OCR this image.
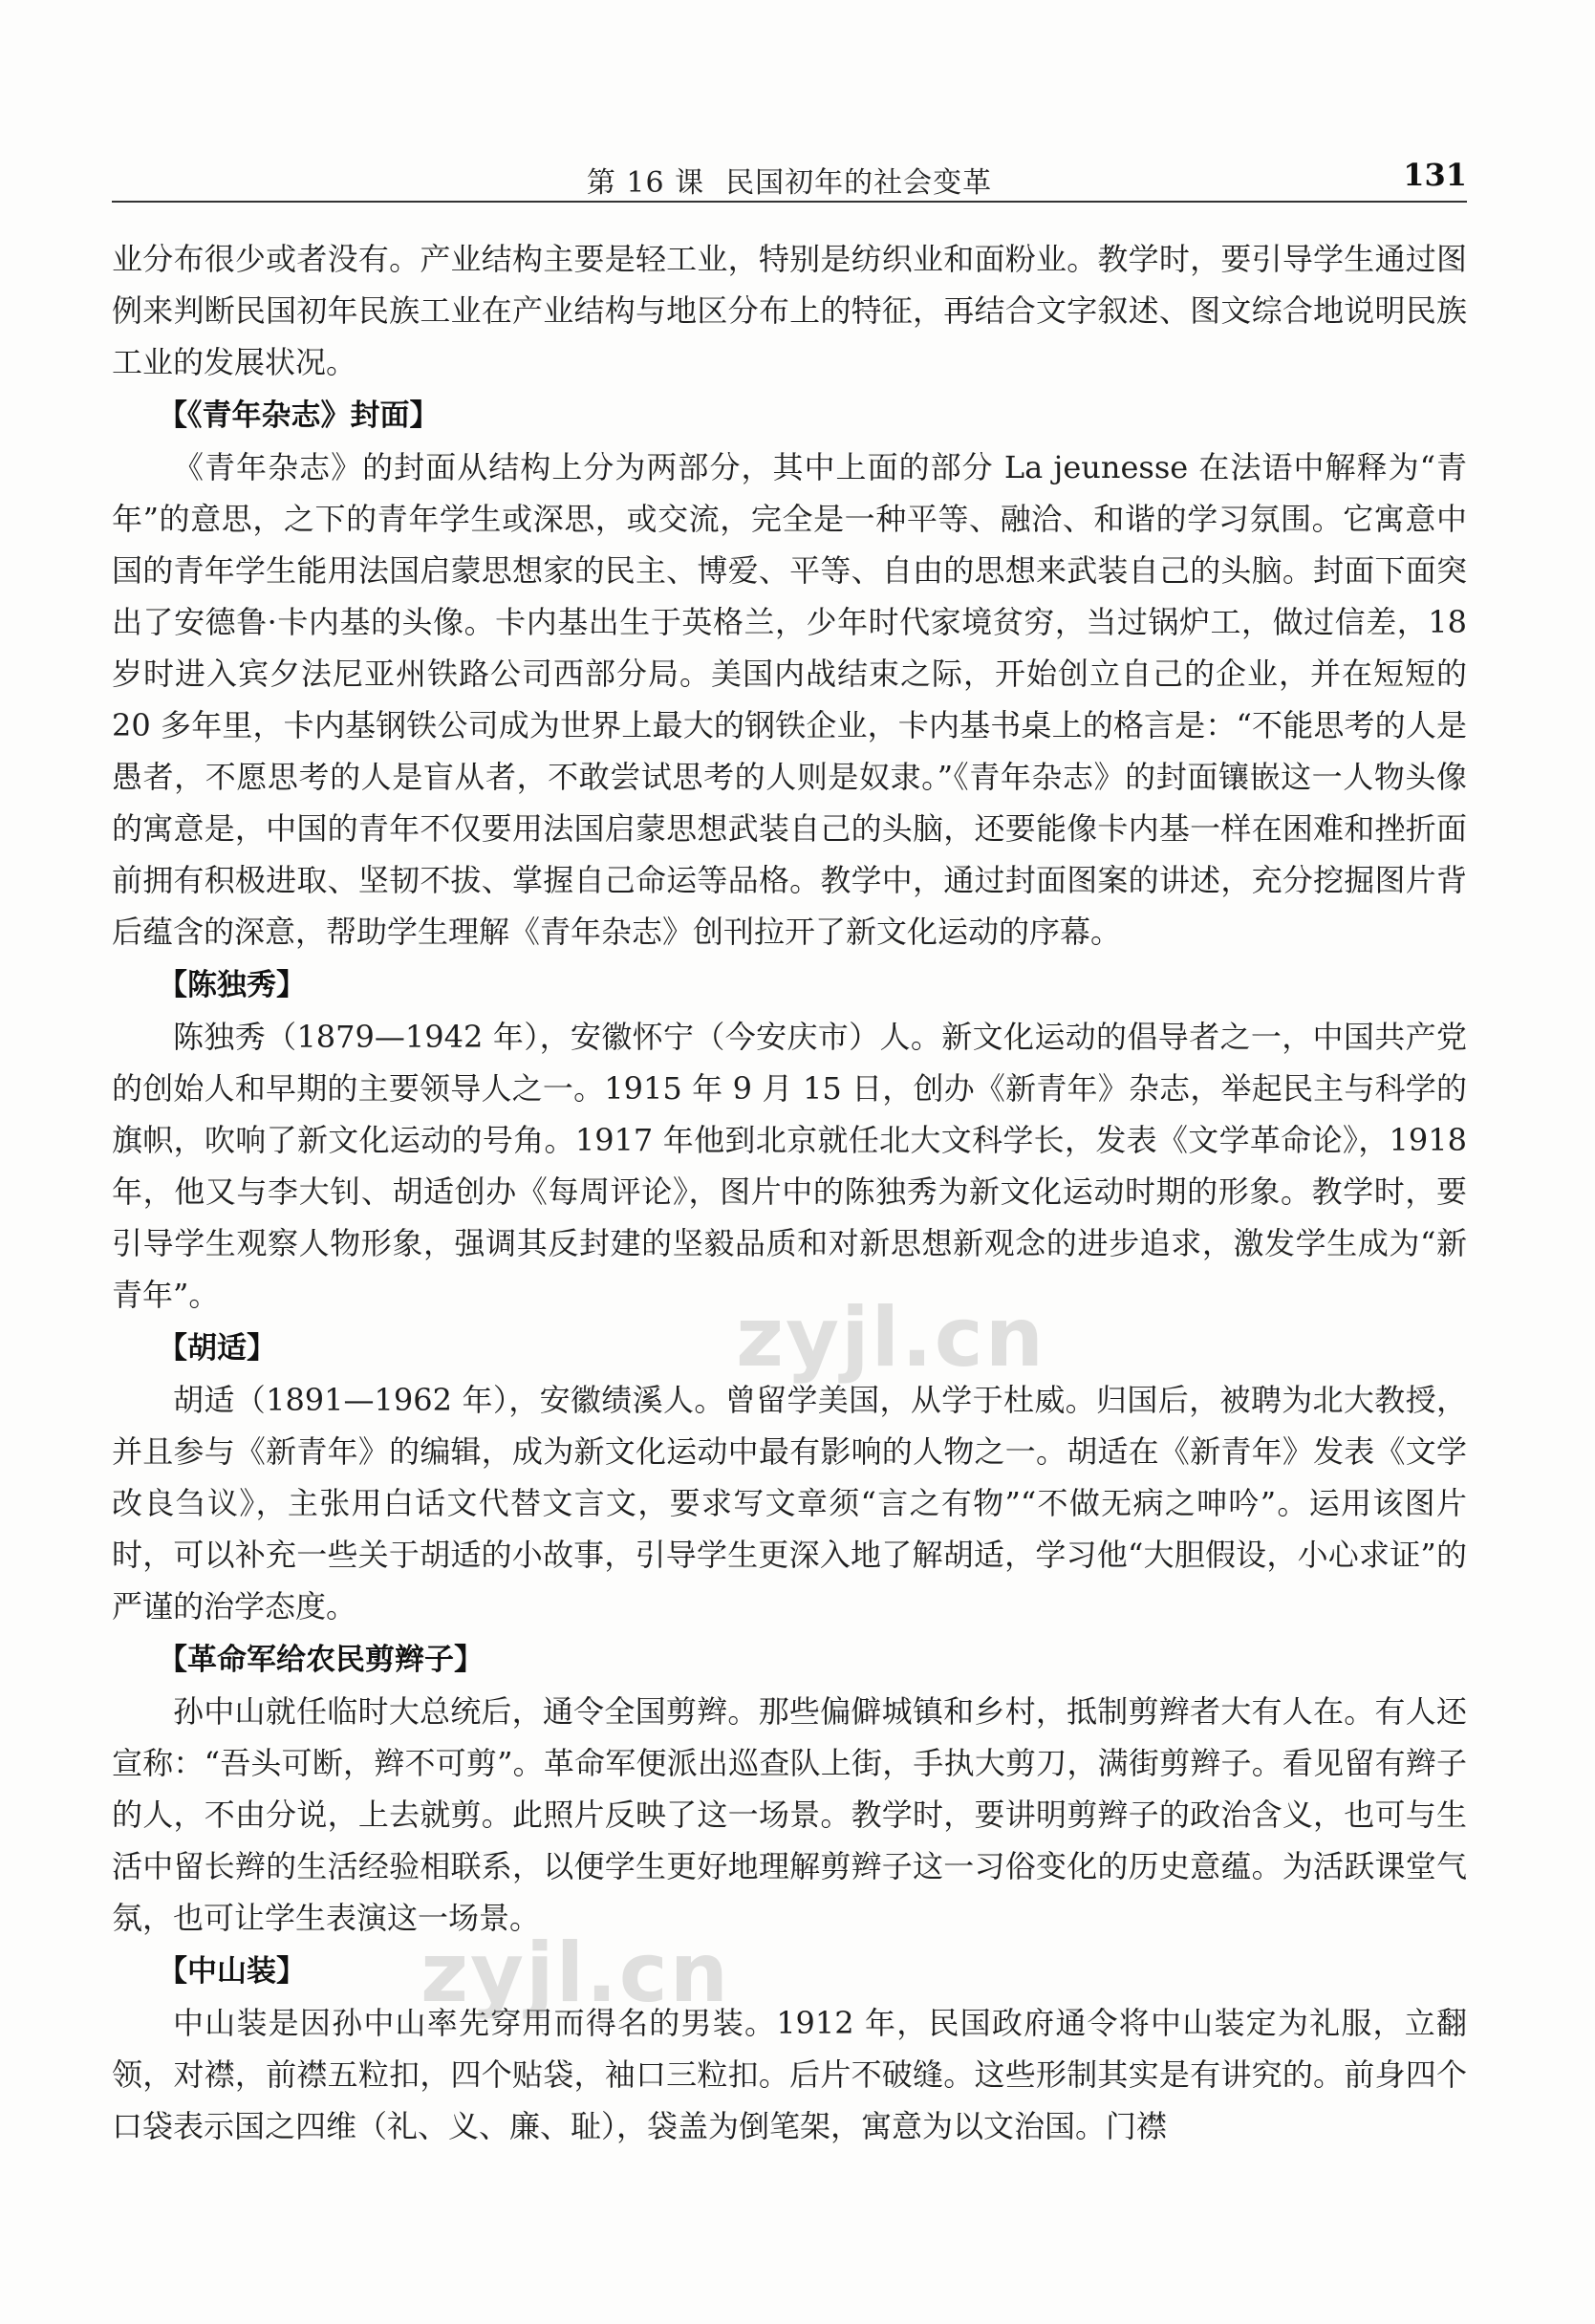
第 16 课 民国初年的社会变革	131

业分布很少或者没有。产业结构主要是轻工业，特别是纺织业和面粉业。教学时，要引导学生通过图例来判断民国初年民族工业在产业结构与地区分布上的特征，再结合文字叙述、图文综合地说明民族工业的发展状况。

【《青年杂志》封面】

《青年杂志》的封面从结构上分为两部分，其中上面的部分 La jeunesse 在法语中解释为“青年”的意思，之下的青年学生或深思，或交流，完全是一种平等、融洽、和谐的学习氛围。它寓意中国的青年学生能用法国启蒙思想家的民主、博爱、平等、自由的思想来武装自己的头脑。封面下面突出了安德鲁·卡内基的头像。卡内基出生于英格兰，少年时代家境贫穷，当过锅炉工，做过信差，18 岁时进入宾夕法尼亚州铁路公司西部分局。美国内战结束之际，开始创立自己的企业，并在短短的 20 多年里，卡内基钢铁公司成为世界上最大的钢铁企业，卡内基书桌上的格言是：“不能思考的人是愚者，不愿思考的人是盲从者，不敢尝试思考的人则是奴隶。”《青年杂志》的封面镶嵌这一人物头像的寓意是，中国的青年不仅要用法国启蒙思想武装自己的头脑，还要能像卡内基一样在困难和挫折面前拥有积极进取、坚韧不拔、掌握自己命运等品格。教学中，通过封面图案的讲述，充分挖掘图片背后蕴含的深意，帮助学生理解《青年杂志》创刊拉开了新文化运动的序幕。

【陈独秀】

陈独秀（1879—1942 年），安徽怀宁（今安庆市）人。新文化运动的倡导者之一，中国共产党的创始人和早期的主要领导人之一。1915 年 9 月 15 日，创办《新青年》杂志，举起民主与科学的旗帜，吹响了新文化运动的号角。1917 年他到北京就任北大文科学长，发表《文学革命论》，1918 年，他又与李大钊、胡适创办《每周评论》，图片中的陈独秀为新文化运动时期的形象。教学时，要引导学生观察人物形象，强调其反封建的坚毅品质和对新思想新观念的进步追求，激发学生成为“新青年”。

【胡适】

胡适（1891—1962 年），安徽绩溪人。曾留学美国，从学于杜威。归国后，被聘为北大教授，并且参与《新青年》的编辑，成为新文化运动中最有影响的人物之一。胡适在《新青年》发表《文学改良刍议》，主张用白话文代替文言文，要求写文章须“言之有物”“不做无病之呻吟”。运用该图片时，可以补充一些关于胡适的小故事，引导学生更深入地了解胡适，学习他“大胆假设，小心求证”的严谨的治学态度。

【革命军给农民剪辫子】

孙中山就任临时大总统后，通令全国剪辫。那些偏僻城镇和乡村，抵制剪辫者大有人在。有人还宣称：“吾头可断，辫不可剪”。革命军便派出巡查队上街，手执大剪刀，满街剪辫子。看见留有辫子的人，不由分说，上去就剪。此照片反映了这一场景。教学时，要讲明剪辫子的政治含义，也可与生活中留长辫的生活经验相联系，以便学生更好地理解剪辫子这一习俗变化的历史意蕴。为活跃课堂气氛，也可让学生表演这一场景。

【中山装】

中山装是因孙中山率先穿用而得名的男装。1912 年，民国政府通令将中山装定为礼服，立翻领，对襟，前襟五粒扣，四个贴袋，袖口三粒扣。后片不破缝。这些形制其实是有讲究的。前身四个口袋表示国之四维（礼、义、廉、耻），袋盖为倒笔架，寓意为以文治国。门襟

zyjl.cn
zyjl.cn
